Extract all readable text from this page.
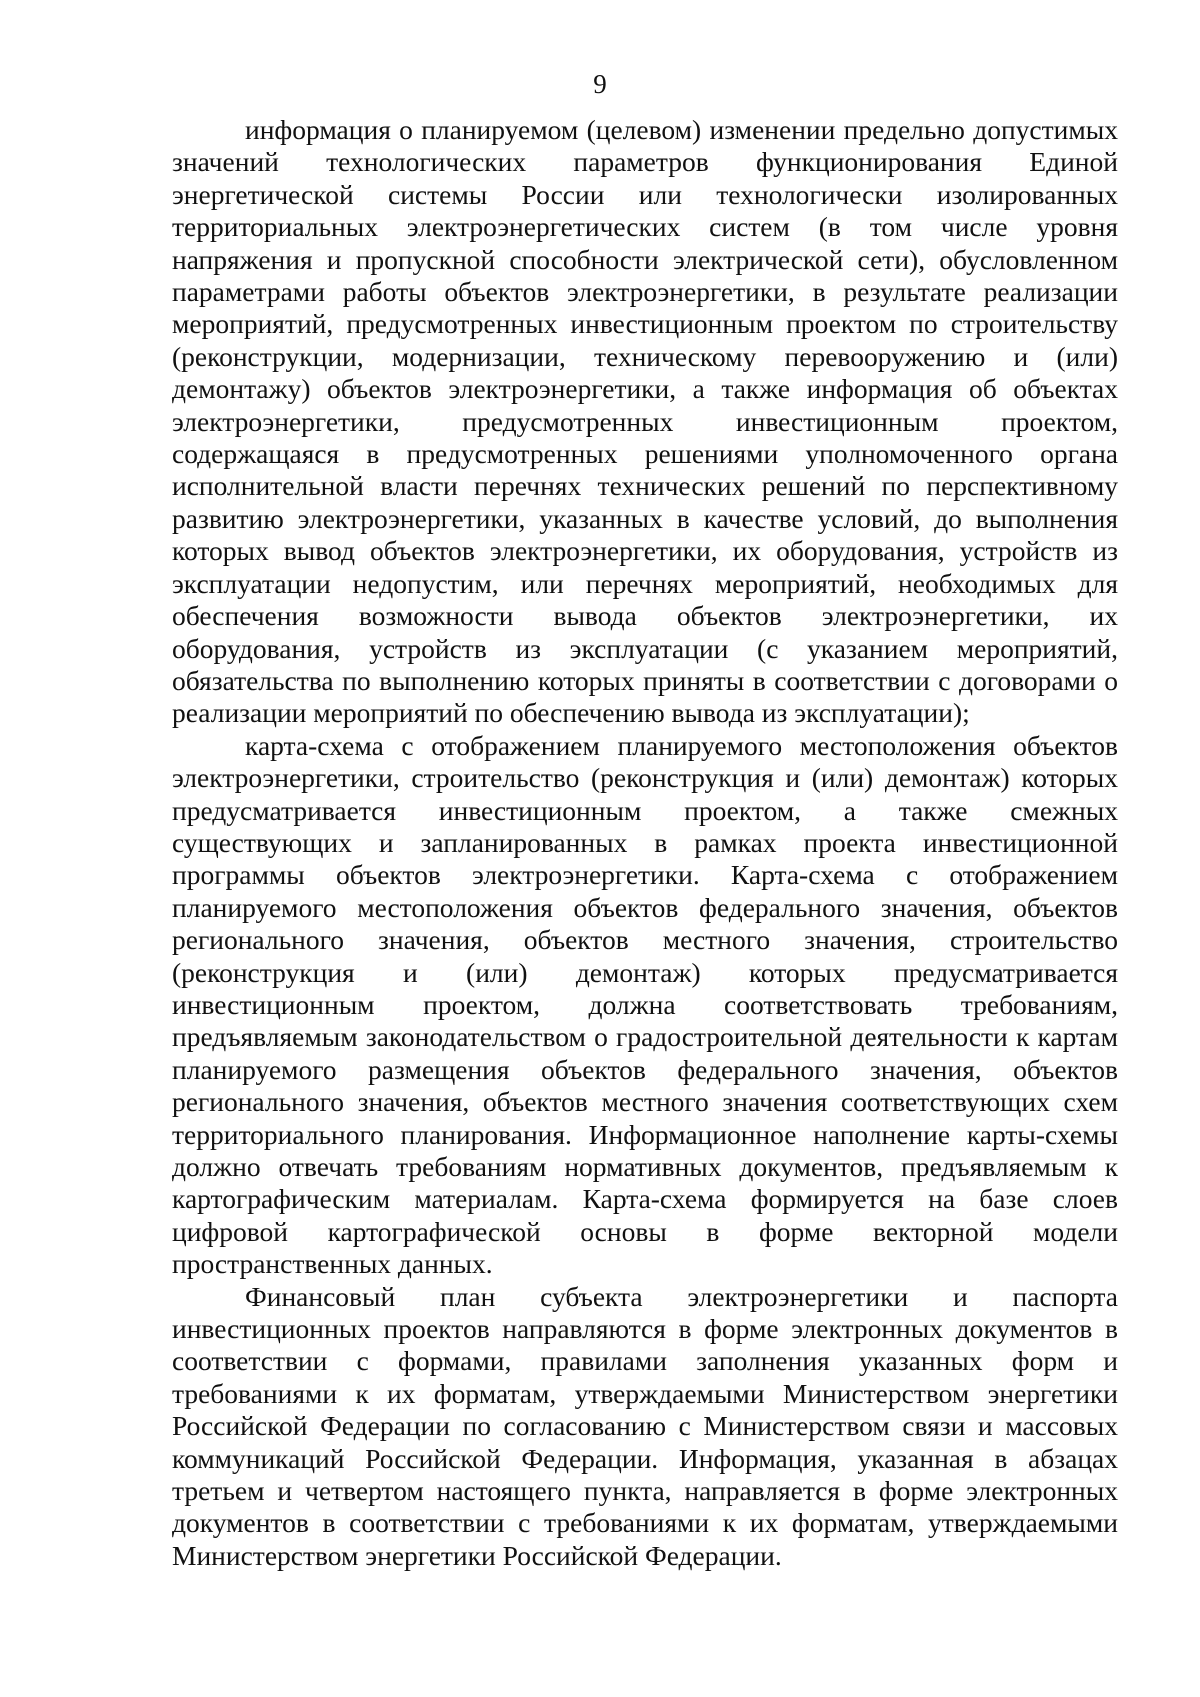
9

информация о планируемом (целевом) изменении предельно допустимых значений технологических параметров функционирования Единой энергетической системы России или технологически изолированных территориальных электроэнергетических систем (в том числе уровня напряжения и пропускной способности электрической сети), обусловленном параметрами работы объектов электроэнергетики, в результате реализации мероприятий, предусмотренных инвестиционным проектом по строительству (реконструкции, модернизации, техническому перевооружению и (или) демонтажу) объектов электроэнергетики, а также информация об объектах электроэнергетики, предусмотренных инвестиционным проектом, содержащаяся в предусмотренных решениями уполномоченного органа исполнительной власти перечнях технических решений по перспективному развитию электроэнергетики, указанных в качестве условий, до выполнения которых вывод объектов электроэнергетики, их оборудования, устройств из эксплуатации недопустим, или перечнях мероприятий, необходимых для обеспечения возможности вывода объектов электроэнергетики, их оборудования, устройств из эксплуатации (с указанием мероприятий, обязательства по выполнению которых приняты в соответствии с договорами о реализации мероприятий по обеспечению вывода из эксплуатации);

карта-схема с отображением планируемого местоположения объектов электроэнергетики, строительство (реконструкция и (или) демонтаж) которых предусматривается инвестиционным проектом, а также смежных существующих и запланированных в рамках проекта инвестиционной программы объектов электроэнергетики. Карта-схема с отображением планируемого местоположения объектов федерального значения, объектов регионального значения, объектов местного значения, строительство (реконструкция и (или) демонтаж) которых предусматривается инвестиционным проектом, должна соответствовать требованиям, предъявляемым законодательством о градостроительной деятельности к картам планируемого размещения объектов федерального значения, объектов регионального значения, объектов местного значения соответствующих схем территориального планирования. Информационное наполнение карты-схемы должно отвечать требованиям нормативных документов, предъявляемым к картографическим материалам. Карта-схема формируется на базе слоев цифровой картографической основы в форме векторной модели пространственных данных.

Финансовый план субъекта электроэнергетики и паспорта инвестиционных проектов направляются в форме электронных документов в соответствии с формами, правилами заполнения указанных форм и требованиями к их форматам, утверждаемыми Министерством энергетики Российской Федерации по согласованию с Министерством связи и массовых коммуникаций Российской Федерации. Информация, указанная в абзацах третьем и четвертом настоящего пункта, направляется в форме электронных документов в соответствии с требованиями к их форматам, утверждаемыми Министерством энергетики Российской Федерации.
